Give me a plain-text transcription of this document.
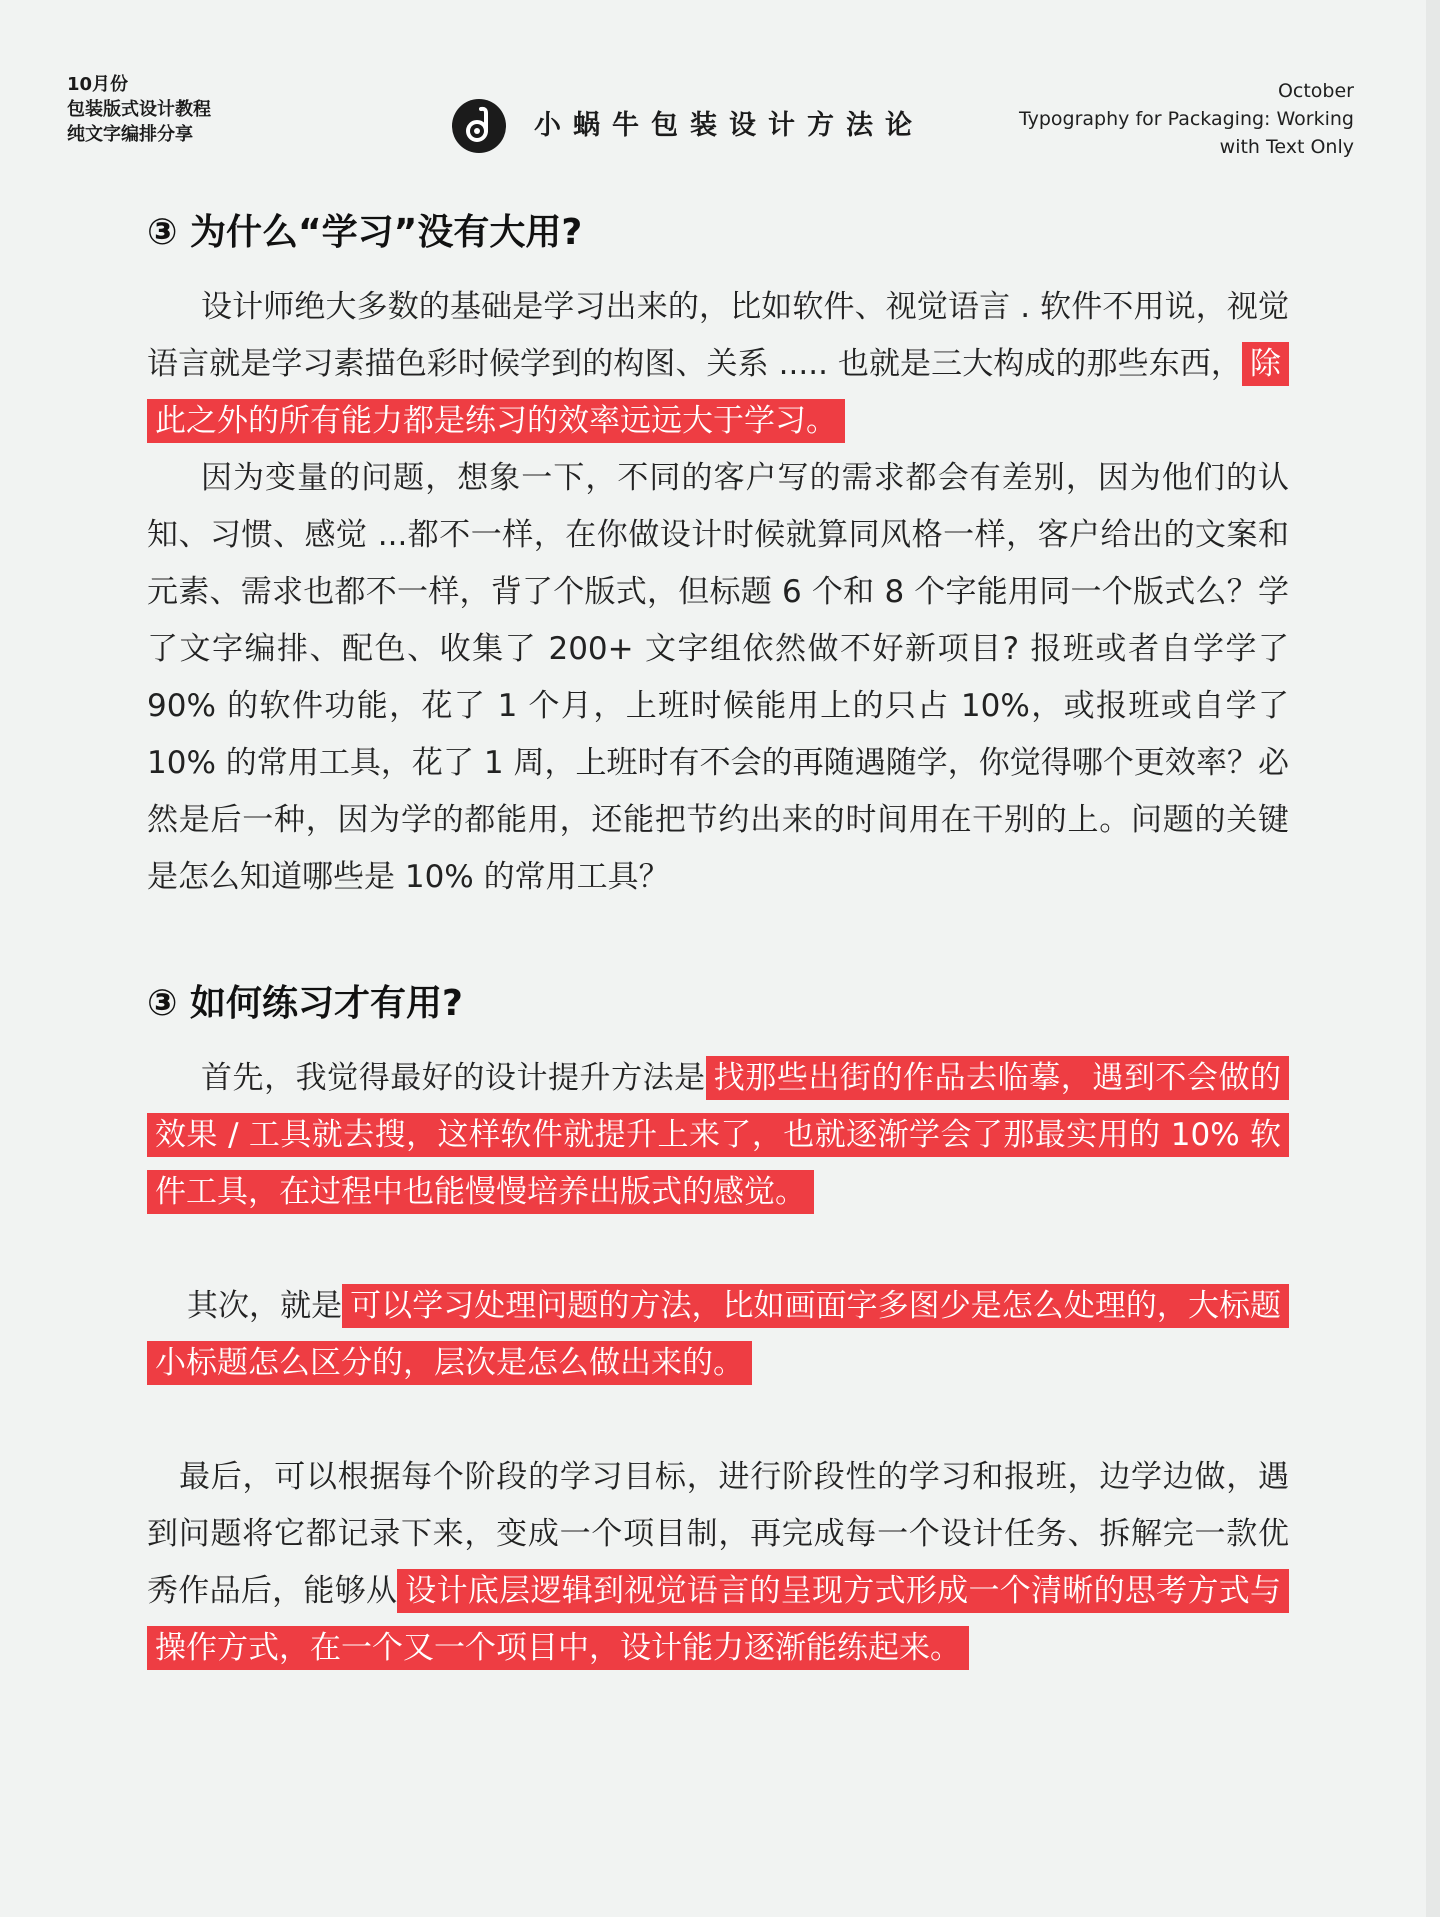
10月份
包装版式设计教程
纯文字编排分享	小蜗牛包装设计方法论
October
Typography for Packaging: Working
with Text Only
③ 为什么“学习”没有大用?

设计师绝大多数的基础是学习出来的，比如软件、视觉语言 . 软件不用说，视觉语言就是学习素描色彩时候学到的构图、关系 ..... 也就是三大构成的那些东西， 除此之外的所有能力都是练习的效率远远大于学习。

因为变量的问题，想象一下，不同的客户写的需求都会有差别，因为他们的认知、习惯、感觉 ...都不一样，在你做设计时候就算同风格一样，客户给出的文案和元素、需求也都不一样，背了个版式，但标题 6 个和 8 个字能用同一个版式么？学了文字编排、配色、收集了 200+ 文字组依然做不好新项目? 报班或者自学学了 90% 的软件功能，花了 1 个月，上班时候能用上的只占 10%，或报班或自学了 10% 的常用工具，花了 1 周，上班时有不会的再随遇随学，你觉得哪个更效率？必然是后一种，因为学的都能用，还能把节约出来的时间用在干别的上。问题的关键是怎么知道哪些是 10% 的常用工具？

③ 如何练习才有用?

首先，我觉得最好的设计提升方法是 找那些出街的作品去临摹，遇到不会做的效果 / 工具就去搜，这样软件就提升上来了，也就逐渐学会了那最实用的 10% 软件工具，在过程中也能慢慢培养出版式的感觉。

其次，就是 可以学习处理问题的方法，比如画面字多图少是怎么处理的，大标题小标题怎么区分的，层次是怎么做出来的。

最后，可以根据每个阶段的学习目标，进行阶段性的学习和报班，边学边做，遇到问题将它都记录下来，变成一个项目制，再完成每一个设计任务、拆解完一款优秀作品后，能够从 设计底层逻辑到视觉语言的呈现方式形成一个清晰的思考方式与操作方式，在一个又一个项目中，设计能力逐渐能练起来。
